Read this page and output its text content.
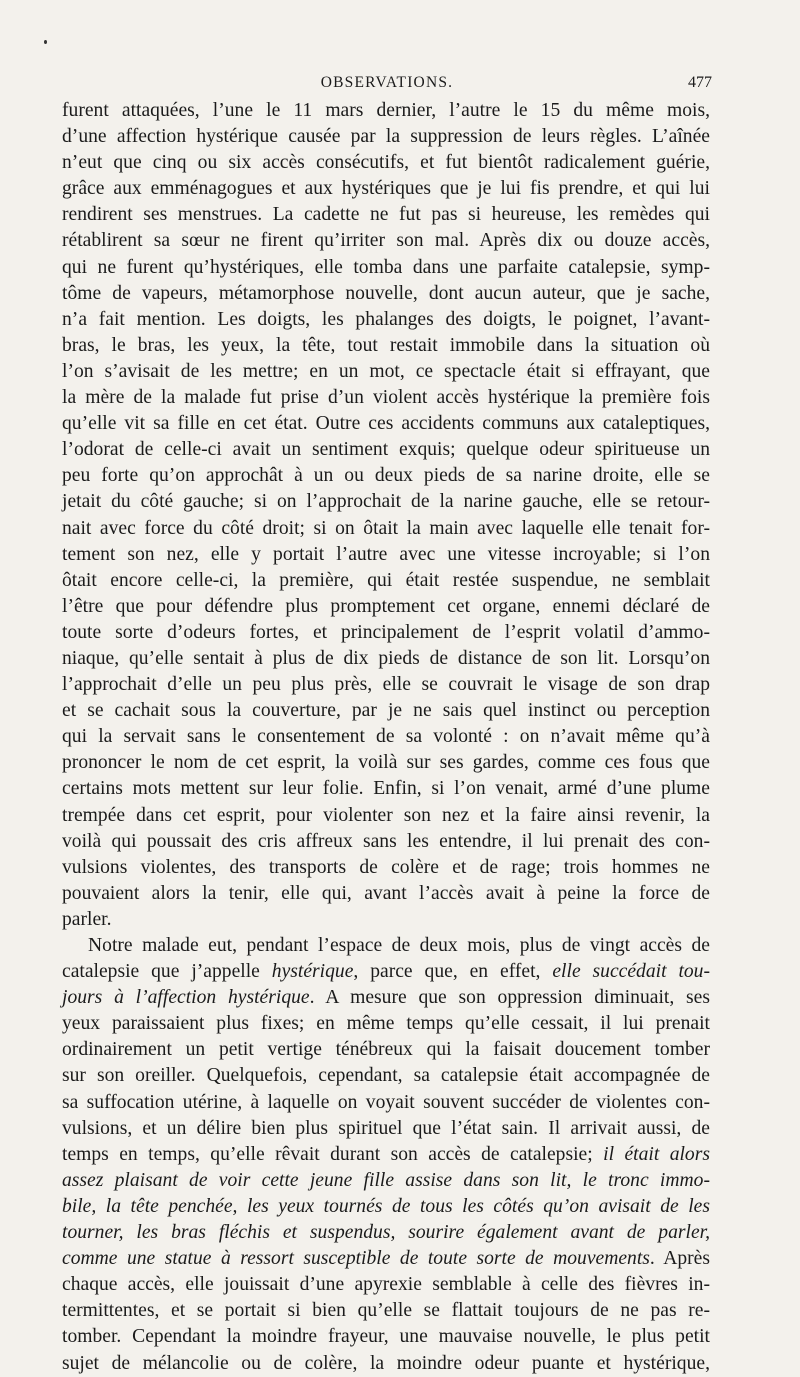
OBSERVATIONS.	477
furent attaquées, l’une le 11 mars dernier, l’autre le 15 du même mois,
d’une affection hystérique causée par la suppression de leurs règles. L’aînée
n’eut que cinq ou six accès consécutifs, et fut bientôt radicalement guérie,
grâce aux emménagogues et aux hystériques que je lui fis prendre, et qui lui
rendirent ses menstrues. La cadette ne fut pas si heureuse, les remèdes qui
rétablirent sa sœur ne firent qu’irriter son mal. Après dix ou douze accès,
qui ne furent qu’hystériques, elle tomba dans une parfaite catalepsie, symp-
tôme de vapeurs, métamorphose nouvelle, dont aucun auteur, que je sache,
n’a fait mention. Les doigts, les phalanges des doigts, le poignet, l’avant-
bras, le bras, les yeux, la tête, tout restait immobile dans la situation où
l’on s’avisait de les mettre; en un mot, ce spectacle était si effrayant, que
la mère de la malade fut prise d’un violent accès hystérique la première fois
qu’elle vit sa fille en cet état. Outre ces accidents communs aux cataleptiques,
l’odorat de celle-ci avait un sentiment exquis; quelque odeur spiritueuse un
peu forte qu’on approchât à un ou deux pieds de sa narine droite, elle se
jetait du côté gauche; si on l’approchait de la narine gauche, elle se retour-
nait avec force du côté droit; si on ôtait la main avec laquelle elle tenait for-
tement son nez, elle y portait l’autre avec une vitesse incroyable; si l’on
ôtait encore celle-ci, la première, qui était restée suspendue, ne semblait
l’être que pour défendre plus promptement cet organe, ennemi déclaré de
toute sorte d’odeurs fortes, et principalement de l’esprit volatil d’ammo-
niaque, qu’elle sentait à plus de dix pieds de distance de son lit. Lorsqu’on
l’approchait d’elle un peu plus près, elle se couvrait le visage de son drap
et se cachait sous la couverture, par je ne sais quel instinct ou perception
qui la servait sans le consentement de sa volonté : on n’avait même qu’à
prononcer le nom de cet esprit, la voilà sur ses gardes, comme ces fous que
certains mots mettent sur leur folie. Enfin, si l’on venait, armé d’une plume
trempée dans cet esprit, pour violenter son nez et la faire ainsi revenir, la
voilà qui poussait des cris affreux sans les entendre, il lui prenait des con-
vulsions violentes, des transports de colère et de rage; trois hommes ne
pouvaient alors la tenir, elle qui, avant l’accès avait à peine la force de
parler.
Notre malade eut, pendant l’espace de deux mois, plus de vingt accès de
catalepsie que j’appelle hystérique, parce que, en effet, elle succédait tou-
jours à l’affection hystérique. A mesure que son oppression diminuait, ses
yeux paraissaient plus fixes; en même temps qu’elle cessait, il lui prenait
ordinairement un petit vertige ténébreux qui la faisait doucement tomber
sur son oreiller. Quelquefois, cependant, sa catalepsie était accompagnée de
sa suffocation utérine, à laquelle on voyait souvent succéder de violentes con-
vulsions, et un délire bien plus spirituel que l’état sain. Il arrivait aussi, de
temps en temps, qu’elle rêvait durant son accès de catalepsie; il était alors
assez plaisant de voir cette jeune fille assise dans son lit, le tronc immo-
bile, la tête penchée, les yeux tournés de tous les côtés qu’on avisait de les
tourner, les bras fléchis et suspendus, sourire également avant de parler,
comme une statue à ressort susceptible de toute sorte de mouvements. Après
chaque accès, elle jouissait d’une apyrexie semblable à celle des fièvres in-
termittentes, et se portait si bien qu’elle se flattait toujours de ne pas re-
tomber. Cependant la moindre frayeur, une mauvaise nouvelle, le plus petit
sujet de mélancolie ou de colère, la moindre odeur puante et hystérique,
